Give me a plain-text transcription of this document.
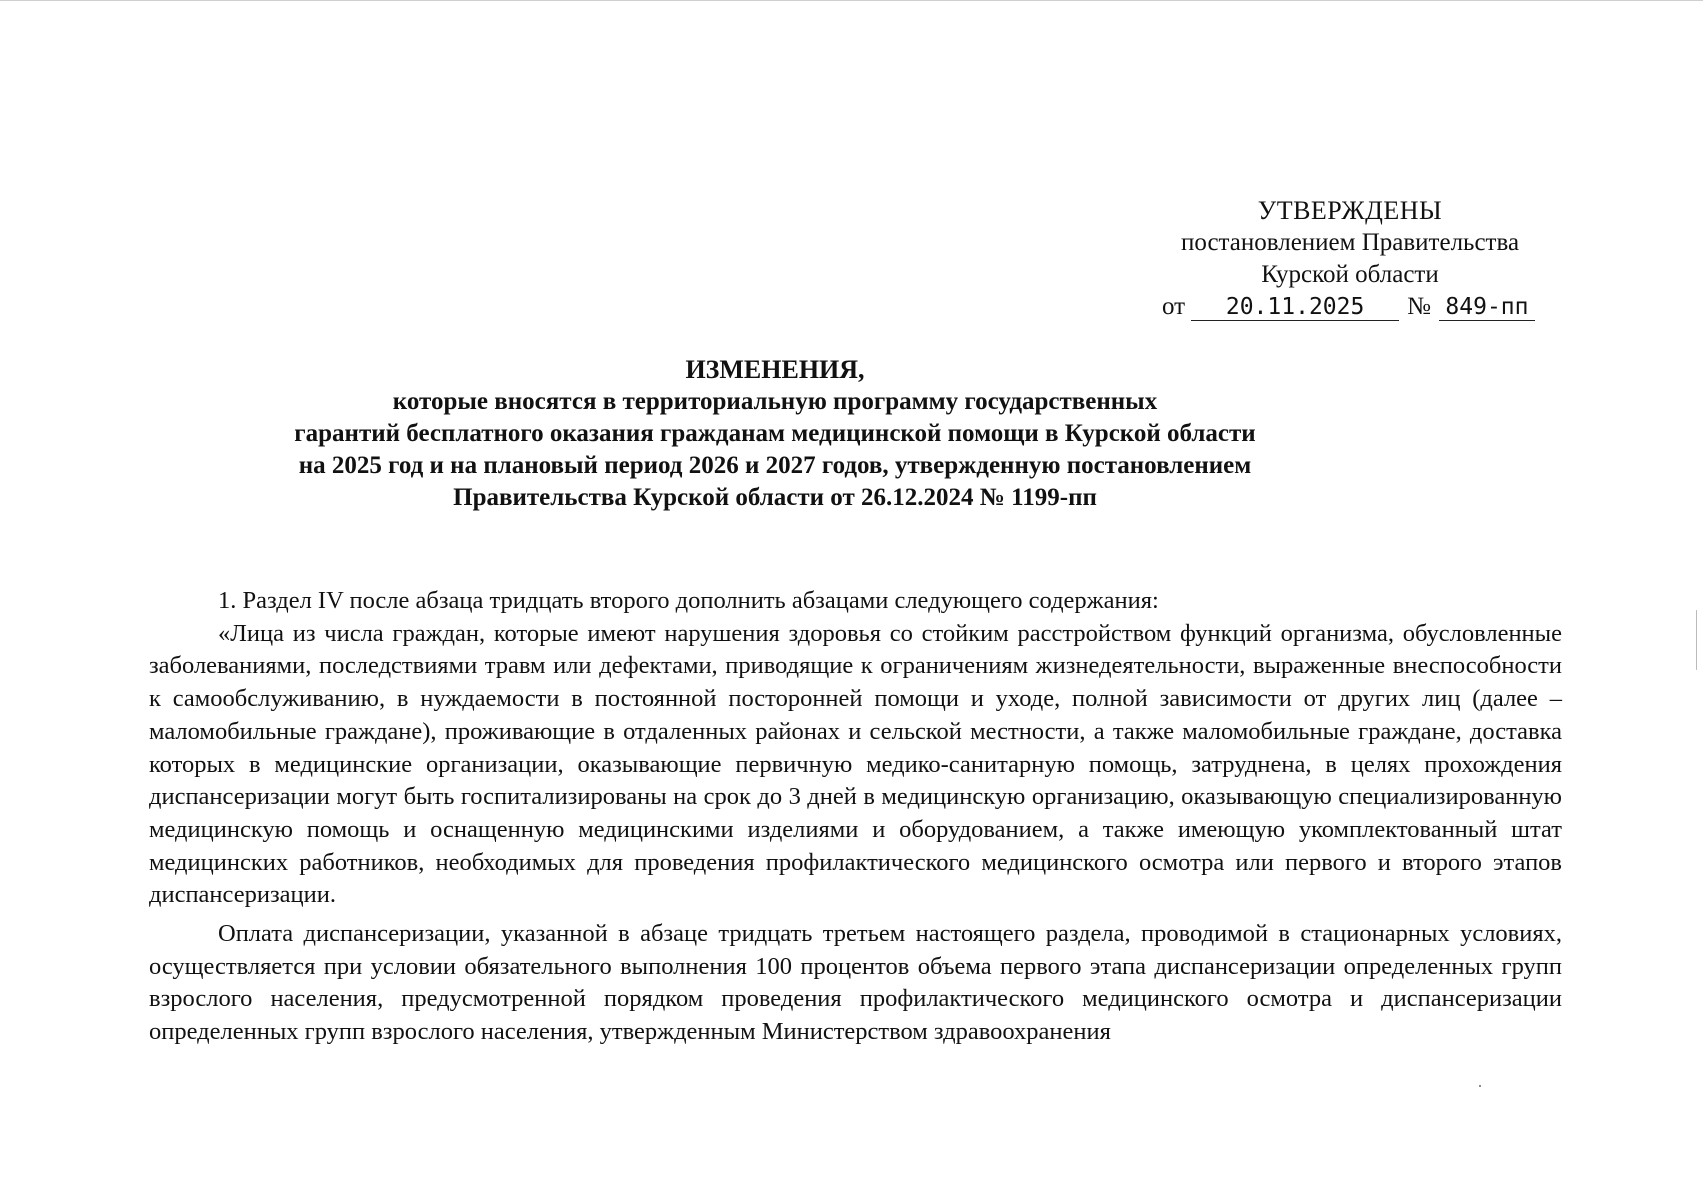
УТВЕРЖДЕНЫ
постановлением Правительства
Курской области
от 20.11.2025 № 849-пп
ИЗМЕНЕНИЯ,
которые вносятся в территориальную программу государственных
гарантий бесплатного оказания гражданам медицинской помощи в Курской области
на 2025 год и на плановый период 2026 и 2027 годов, утвержденную постановлением
Правительства Курской области от 26.12.2024 № 1199-пп

1. Раздел IV после абзаца тридцать второго дополнить абзацами следующего содержания:

«Лица из числа граждан, которые имеют нарушения здоровья со стойким расстройством функций организма, обусловленные заболеваниями, последствиями травм или дефектами, приводящие к ограничениям жизнедеятельности, выраженные внеспособности к самообслуживанию, в нуждаемости в постоянной посторонней помощи и уходе, полной зависимости от других лиц (далее – маломобильные граждане), проживающие в отдаленных районах и сельской местности, а также маломобильные граждане, доставка которых в медицинские организации, оказывающие первичную медико-санитарную помощь, затруднена, в целях прохождения диспансеризации могут быть госпитализированы на срок до 3 дней в медицинскую организацию, оказывающую специализированную медицинскую помощь и оснащенную медицинскими изделиями и оборудованием, а также имеющую укомплектованный штат медицинских работников, необходимых для проведения профилактического медицинского осмотра или первого и второго этапов диспансеризации.

Оплата диспансеризации, указанной в абзаце тридцать третьем настоящего раздела, проводимой в стационарных условиях, осуществляется при условии обязательного выполнения 100 процентов объема первого этапа диспансеризации определенных групп взрослого населения, предусмотренной порядком проведения профилактического медицинского осмотра и диспансеризации определенных групп взрослого населения, утвержденным Министерством здравоохранения
